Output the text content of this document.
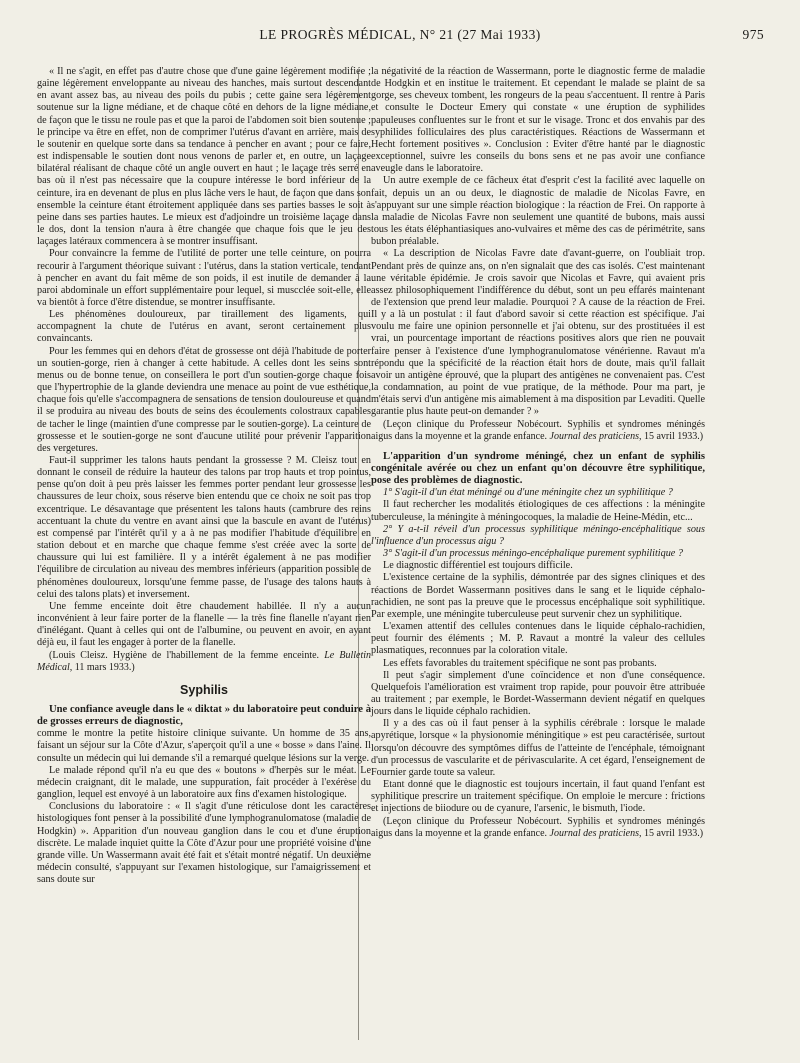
LE PROGRÈS MÉDICAL, N° 21 (27 Mai 1933)	975

« Il ne s'agit, en effet pas d'autre chose que d'une gaine légèrement modifiée ; gaine légèrement enveloppante au niveau des hanches, mais surtout descendant en avant assez bas, au niveau des poils du pubis ; cette gaine sera légèrement soutenue sur la ligne médiane, et de chaque côté en dehors de la ligne médiane, de façon que le tissu ne roule pas et que la paroi de l'abdomen soit bien soutenue ; le principe va être en effet, non de comprimer l'utérus d'avant en arrière, mais de le soutenir en quelque sorte dans sa tendance à pencher en avant ; pour ce faire, est indispensable le soutien dont nous venons de parler et, en outre, un laçage bilatéral réalisant de chaque côté un angle ouvert en haut ; le laçage très serré en bas où il n'est pas nécessaire que la coupure intéresse le bord inférieur de la ceinture, ira en devenant de plus en plus lâche vers le haut, de façon que dans son ensemble la ceinture étant étroitement appliquée dans ses parties basses le soit à peine dans ses parties hautes. Le mieux est d'adjoindre un troisième laçage dans le dos, dont la tension n'aura à être changée que chaque fois que le jeu des laçages latéraux commencera à se montrer insuffisant.

Pour convaincre la femme de l'utilité de porter une telle ceinture, on pourra recourir à l'argument théorique suivant : l'utérus, dans la station verticale, tendant à pencher en avant du fait même de son poids, il est inutile de demander à la paroi abdominale un effort supplémentaire pour lequel, si muscclée soit-elle, elle va bientôt à force d'être distendue, se montrer insuffisante.

Les phénomènes douloureux, par tiraillement des ligaments, qui accompagnent la chute de l'utérus en avant, seront certainement plus convaincants.

Pour les femmes qui en dehors d'état de grossesse ont déjà l'habitude de porter un soutien-gorge, rien à changer à cette habitude. A celles dont les seins sont menus ou de bonne tenue, on conseillera le port d'un soutien-gorge chaque fois que l'hypertrophie de la glande deviendra une menace au point de vue esthétique, chaque fois qu'elle s'accompagnera de sensations de tension douloureuse et quand il se produira au niveau des bouts de seins des écoulements colostraux capables de tacher le linge (maintien d'une compresse par le soutien-gorge). La ceinture de grossesse et le soutien-gorge ne sont d'aucune utilité pour prévenir l'apparition des vergetures.

Faut-il supprimer les talons hauts pendant la grossesse ? M. Cleisz tout en donnant le conseil de réduire la hauteur des talons par trop hauts et trop pointus, pense qu'on doit à peu près laisser les femmes porter pendant leur grossesse les chaussures de leur choix, sous réserve bien entendu que ce choix ne soit pas trop excentrique. Le désavantage que présentent les talons hauts (cambrure des reins accentuant la chute du ventre en avant ainsi que la bascule en avant de l'utérus) est compensé par l'intérêt qu'il y a à ne pas modifier l'habitude d'équilibre en station debout et en marche que chaque femme s'est créée avec la sorte de chaussure qui lui est familière. Il y a intérêt également à ne pas modifier l'équilibre de circulation au niveau des membres inférieurs (apparition possible de phénomènes douloureux, lorsqu'une femme passe, de l'usage des talons hauts à celui des talons plats) et inversement.

Une femme enceinte doit être chaudement habillée. Il n'y a aucun inconvénient à leur faire porter de la flanelle — la très fine flanelle n'ayant rien d'inélégant. Quant à celles qui ont de l'albumine, ou peuvent en avoir, en ayant déjà eu, il faut les engager à porter de la flanelle.

(Louis Cleisz. Hygiène de l'habillement de la femme enceinte. Le Bulletin Médical, 11 mars 1933.)

Syphilis

Une confiance aveugle dans le « diktat » du laboratoire peut conduire à de grosses erreurs de diagnostic,

comme le montre la petite histoire clinique suivante. Un homme de 35 ans, faisant un séjour sur la Côte d'Azur, s'aperçoit qu'il a une « bosse » dans l'aine. Il consulte un médecin qui lui demande s'il a remarqué quelque lésions sur la verge.

Le malade répond qu'il n'a eu que des « boutons » d'herpès sur le méat. Le médecin craignant, dit le malade, une suppuration, fait procéder à l'exérèse du ganglion, lequel est envoyé à un laboratoire aux fins d'examen histologique.

Conclusions du laboratoire : « Il s'agit d'une réticulose dont les caractères histologiques font penser à la possibilité d'une lymphogranulomatose (maladie de Hodgkin) ». Apparition d'un nouveau ganglion dans le cou et d'une éruption discrète. Le malade inquiet quitte la Côte d'Azur pour une propriété voisine d'une grande ville. Un Wassermann avait été fait et s'était montré négatif. Un deuxième médecin consulté, s'appuyant sur l'examen histologique, sur l'amaigrissement et sans doute sur

la négativité de la réaction de Wassermann, porte le diagnostic ferme de maladie de Hodgkin et en institue le traitement. Et cependant le malade se plaint de sa gorge, ses cheveux tombent, les rongeurs de la peau s'accentuent. Il rentre à Paris et consulte le Docteur Emery qui constate « une éruption de syphilides papuleuses confluentes sur le front et sur le visage. Tronc et dos envahis par des syphilides folliculaires des plus caractéristiques. Réactions de Wassermann et Hecht fortement positives ». Conclusion : Eviter d'être hanté par le diagnostic exceptionnel, suivre les conseils du bons sens et ne pas avoir une confiance aveugle dans le laboratoire.

Un autre exemple de ce fâcheux état d'esprit c'est la facilité avec laquelle on fait, depuis un an ou deux, le diagnostic de maladie de Nicolas Favre, en s'appuyant sur une simple réaction biologique : la réaction de Frei. On rapporte à la maladie de Nicolas Favre non seulement une quantité de bubons, mais aussi tous les états éléphantiasiques ano-vulvaires et même des cas de périmétrite, sans bubon préalable.

« La description de Nicolas Favre date d'avant-guerre, on l'oubliait trop. Pendant près de quinze ans, on n'en signalait que des cas isolés. C'est maintenant une véritable épidémie. Je crois savoir que Nicolas et Favre, qui avaient pris assez philosophiquement l'indifférence du début, sont un peu effarés maintenant de l'extension que prend leur maladie. Pourquoi ? A cause de la réaction de Frei. Il y a là un postulat : il faut d'abord savoir si cette réaction est spécifique. J'ai voulu me faire une opinion personnelle et j'ai obtenu, sur des prostituées il est vrai, un pourcentage important de réactions positives alors que rien ne pouvait faire penser à l'existence d'une lymphogranulomatose vénérienne. Ravaut m'a répondu que la spécificité de la réaction était hors de doute, mais qu'il fallait avoir un antigène éprouvé, que la plupart des antigènes ne convenaient pas. C'est la condamnation, au point de vue pratique, de la méthode. Pour ma part, je m'étais servi d'un antigène mis aimablement à ma disposition par Levaditi. Quelle garantie plus haute peut-on demander ? »

(Leçon clinique du Professeur Nobécourt. Syphilis et syndromes méningés aigus dans la moyenne et la grande enfance. Journal des praticiens, 15 avril 1933.)

L'apparition d'un syndrome méningé, chez un enfant de syphilis congénitale avérée ou chez un enfant qu'on découvre être syphilitique, pose des problèmes de diagnostic.

1° S'agit-il d'un état méningé ou d'une méningite chez un syphilitique ?

Il faut rechercher les modalités étiologiques de ces affections : la méningite tuberculeuse, la méningite à méningocoques, la maladie de Heine-Médin, etc...

2° Y a-t-il réveil d'un processus syphilitique méningo-encéphalitique sous l'influence d'un processus aigu ?

3° S'agit-il d'un processus méningo-encéphalique purement syphilitique ?

Le diagnostic différentiel est toujours difficile.

L'existence certaine de la syphilis, démontrée par des signes cliniques et des réactions de Bordet Wassermann positives dans le sang et le liquide céphalo-rachidien, ne sont pas la preuve que le processus encéphalique soit syphilitique. Par exemple, une méningite tuberculeuse peut survenir chez un syphilitique.

L'examen attentif des cellules contenues dans le liquide céphalo-rachidien, peut fournir des éléments ; M. P. Ravaut a montré la valeur des cellules plasmatiques, reconnues par la coloration vitale.

Les effets favorables du traitement spécifique ne sont pas probants.

Il peut s'agir simplement d'une coïncidence et non d'une conséquence. Quelquefois l'amélioration est vraiment trop rapide, pour pouvoir être attribuée au traitement ; par exemple, le Bordet-Wassermann devient négatif en quelques jours dans le liquide céphalo rachidien.

Il y a des cas où il faut penser à la syphilis cérébrale : lorsque le malade apyrétique, lorsque « la physionomie méningitique » est peu caractérisée, surtout lorsqu'on découvre des symptômes diffus de l'atteinte de l'encéphale, témoignant d'un processus de vascularite et de périvascularite. A cet égard, l'enseignement de Fournier garde toute sa valeur.

Etant donné que le diagnostic est toujours incertain, il faut quand l'enfant est syphilitique prescrire un traitement spécifique. On emploie le mercure : frictions et injections de biiodure ou de cyanure, l'arsenic, le bismuth, l'iode.

(Leçon clinique du Professeur Nobécourt. Syphilis et syndromes méningés aigus dans la moyenne et la grande enfance. Journal des praticiens, 15 avril 1933.)
